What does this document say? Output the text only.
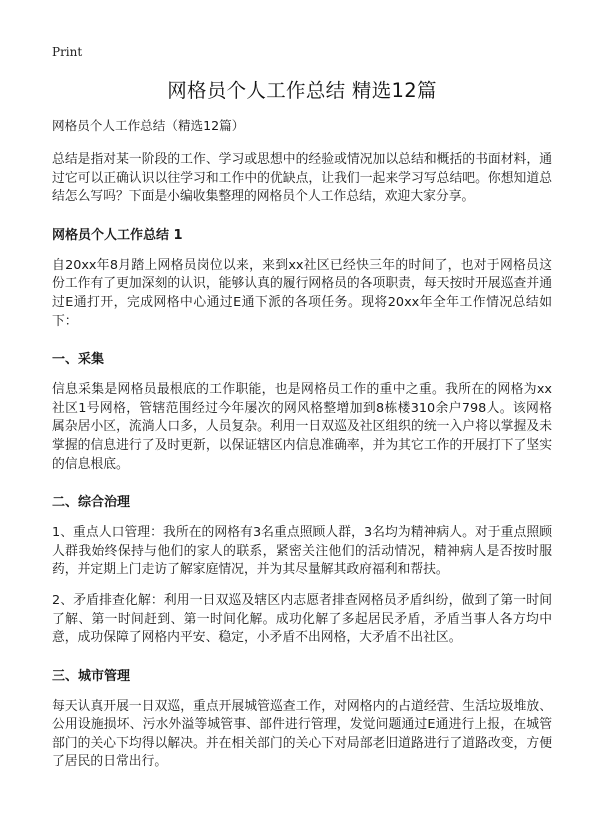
Print
网格员个人工作总结 精选12篇
网格员个人工作总结（精选12篇）

总结是指对某一阶段的工作、学习或思想中的经验或情况加以总结和概括的书面材料，通过它可以正确认识以往学习和工作中的优缺点，让我们一起来学习写总结吧。你想知道总结怎么写吗？下面是小编收集整理的网格员个人工作总结，欢迎大家分享。

网格员个人工作总结 1

自20xx年8月踏上网格员岗位以来，来到xx社区已经快三年的时间了，也对于网格员这份工作有了更加深刻的认识，能够认真的履行网格员的各项职责，每天按时开展巡查并通过E通打开，完成网格中心通过E通下派的各项任务。现将20xx年全年工作情况总结如下：

一、采集

信息采集是网格员最根底的工作职能，也是网格员工作的重中之重。我所在的网格为xx社区1号网格，管辖范围经过今年屡次的网风格整增加到8栋楼310余户798人。该网格属杂居小区，流淌人口多，人员复杂。利用一日双巡及社区组织的统一入户将以掌握及未掌握的信息进行了及时更新，以保证辖区内信息准确率，并为其它工作的开展打下了坚实的信息根底。

二、综合治理

1、重点人口管理：我所在的网格有3名重点照顾人群，3名均为精神病人。对于重点照顾人群我始终保持与他们的家人的联系，紧密关注他们的活动情况，精神病人是否按时服药，并定期上门走访了解家庭情况，并为其尽量解其政府福利和帮扶。

2、矛盾排查化解：利用一日双巡及辖区内志愿者排查网格员矛盾纠纷，做到了第一时间了解、第一时间赶到、第一时间化解。成功化解了多起居民矛盾，矛盾当事人各方均中意，成功保障了网格内平安、稳定，小矛盾不出网格，大矛盾不出社区。

三、城市管理

每天认真开展一日双巡，重点开展城管巡查工作，对网格内的占道经营、生活垃圾堆放、公用设施损坏、污水外溢等城管事、部件进行管理，发觉问题通过E通进行上报，在城管部门的关心下均得以解决。并在相关部门的关心下对局部老旧道路进行了道路改变，方便了居民的日常出行。
